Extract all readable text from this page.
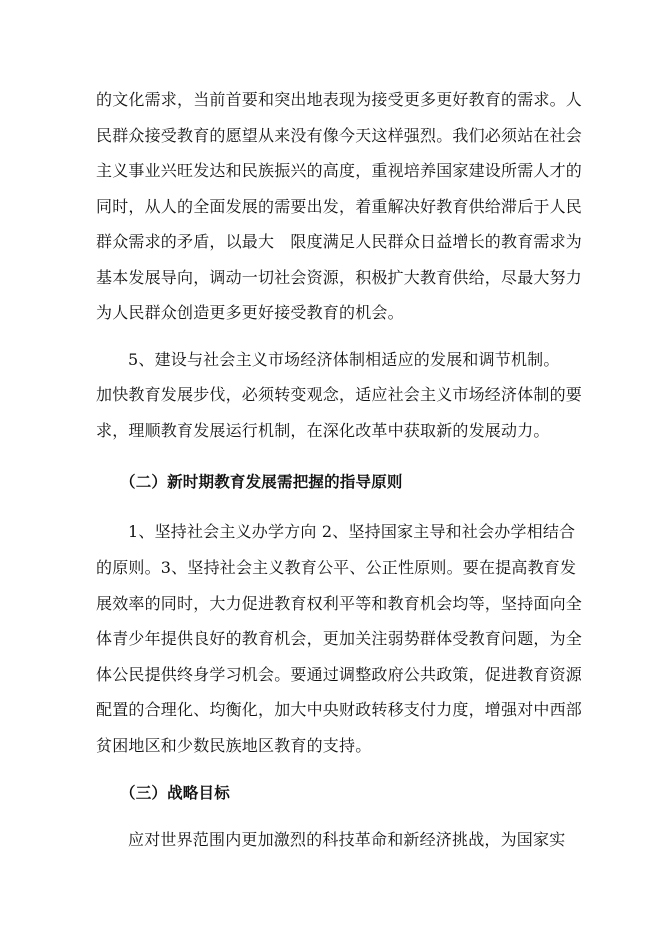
的文化需求，当前首要和突出地表现为接受更多更好教育的需求。人
民群众接受教育的愿望从来没有像今天这样强烈。我们必须站在社会
主义事业兴旺发达和民族振兴的高度，重视培养国家建设所需人才的
同时，从人的全面发展的需要出发，着重解决好教育供给滞后于人民
群众需求的矛盾，以最大　限度满足人民群众日益增长的教育需求为
基本发展导向，调动一切社会资源，积极扩大教育供给，尽最大努力
为人民群众创造更多更好接受教育的机会。
5、建设与社会主义市场经济体制相适应的发展和调节机制。
加快教育发展步伐，必须转变观念，适应社会主义市场经济体制的要
求，理顺教育发展运行机制，在深化改革中获取新的发展动力。
（二）新时期教育发展需把握的指导原则
1、坚持社会主义办学方向 2、坚持国家主导和社会办学相结合
的原则。3、坚持社会主义教育公平、公正性原则。要在提高教育发
展效率的同时，大力促进教育权利平等和教育机会均等，坚持面向全
体青少年提供良好的教育机会，更加关注弱势群体受教育问题，为全
体公民提供终身学习机会。要通过调整政府公共政策，促进教育资源
配置的合理化、均衡化，加大中央财政转移支付力度，增强对中西部
贫困地区和少数民族地区教育的支持。
（三）战略目标
应对世界范围内更加激烈的科技革命和新经济挑战，为国家实
